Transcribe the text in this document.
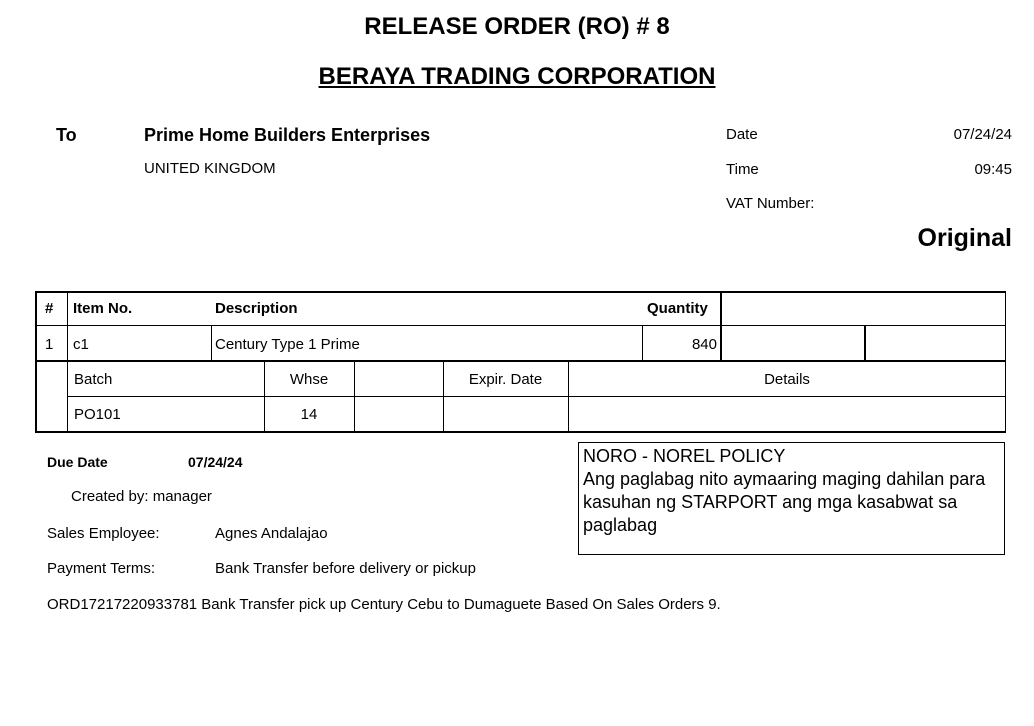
RELEASE ORDER (RO) # 8
BERAYA TRADING CORPORATION
To	Prime Home Builders Enterprises
UNITED KINGDOM
Date	07/24/24
Time	09:45
VAT Number:
Original
# Item No.	Description	Quantity
1 c1	Century Type 1 Prime	840
Batch	Whse	Expir. Date	Details
PO101	14
Due Date	07/24/24
Created by: manager
Sales Employee:	Agnes Andalajao
Payment Terms:	Bank Transfer before delivery or pickup
ORD17217220933781 Bank Transfer pick up Century Cebu to Dumaguete Based On Sales Orders 9.
NORO - NOREL POLICY
Ang paglabag nito aymaaring maging dahilan para kasuhan ng STARPORT ang mga kasabwat sa paglabag
